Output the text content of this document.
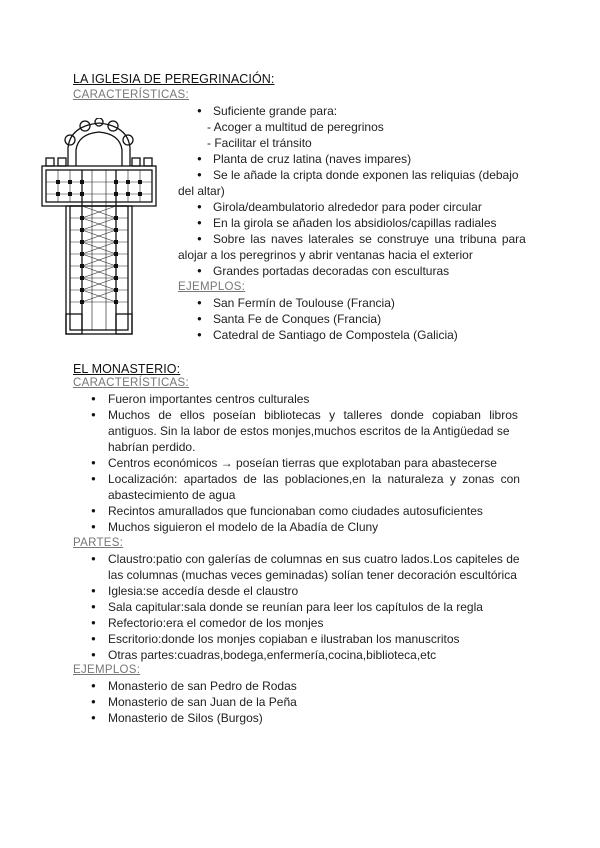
LA IGLESIA DE PEREGRINACIÓN:
CARACTERÍSTICAS:
● Suficiente grande para:
- Acoger a multitud de peregrinos
- Facilitar el tránsito
● Planta de cruz latina (naves impares)
● Se le añade la cripta donde exponen las reliquias (debajo
del altar)
● Girola/deambulatorio alrededor para poder circular
● En la girola se añaden los absidiolos/capillas radiales
● Sobre las naves laterales se construye una tribuna para
alojar a los peregrinos y abrir ventanas hacia el exterior
● Grandes portadas decoradas con esculturas
EJEMPLOS:
● San Fermín de Toulouse (Francia)
● Santa Fe de Conques (Francia)
● Catedral de Santiago de Compostela (Galicia)
EL MONASTERIO:
CARACTERÍSTICAS:
● Fueron importantes centros culturales
● Muchos de ellos poseían bibliotecas y talleres donde copiaban libros
antiguos. Sin la labor de estos monjes,muchos escritos de la Antigüedad se
habrían perdido.
● Centros económicos → poseían tierras que explotaban para abastecerse
● Localización: apartados de las poblaciones,en la naturaleza y zonas con
abastecimiento de agua
● Recintos amurallados que funcionaban como ciudades autosuficientes
● Muchos siguieron el modelo de la Abadía de Cluny
PARTES:
● Claustro:patio con galerías de columnas en sus cuatro lados.Los capiteles de
las columnas (muchas veces geminadas) solían tener decoración escultórica
● Iglesia:se accedía desde el claustro
● Sala capitular:sala donde se reunían para leer los capítulos de la regla
● Refectorio:era el comedor de los monjes
● Escritorio:donde los monjes copiaban e ilustraban los manuscritos
● Otras partes:cuadras,bodega,enfermería,cocina,biblioteca,etc
EJEMPLOS:
● Monasterio de san Pedro de Rodas
● Monasterio de san Juan de la Peña
● Monasterio de Silos (Burgos)
